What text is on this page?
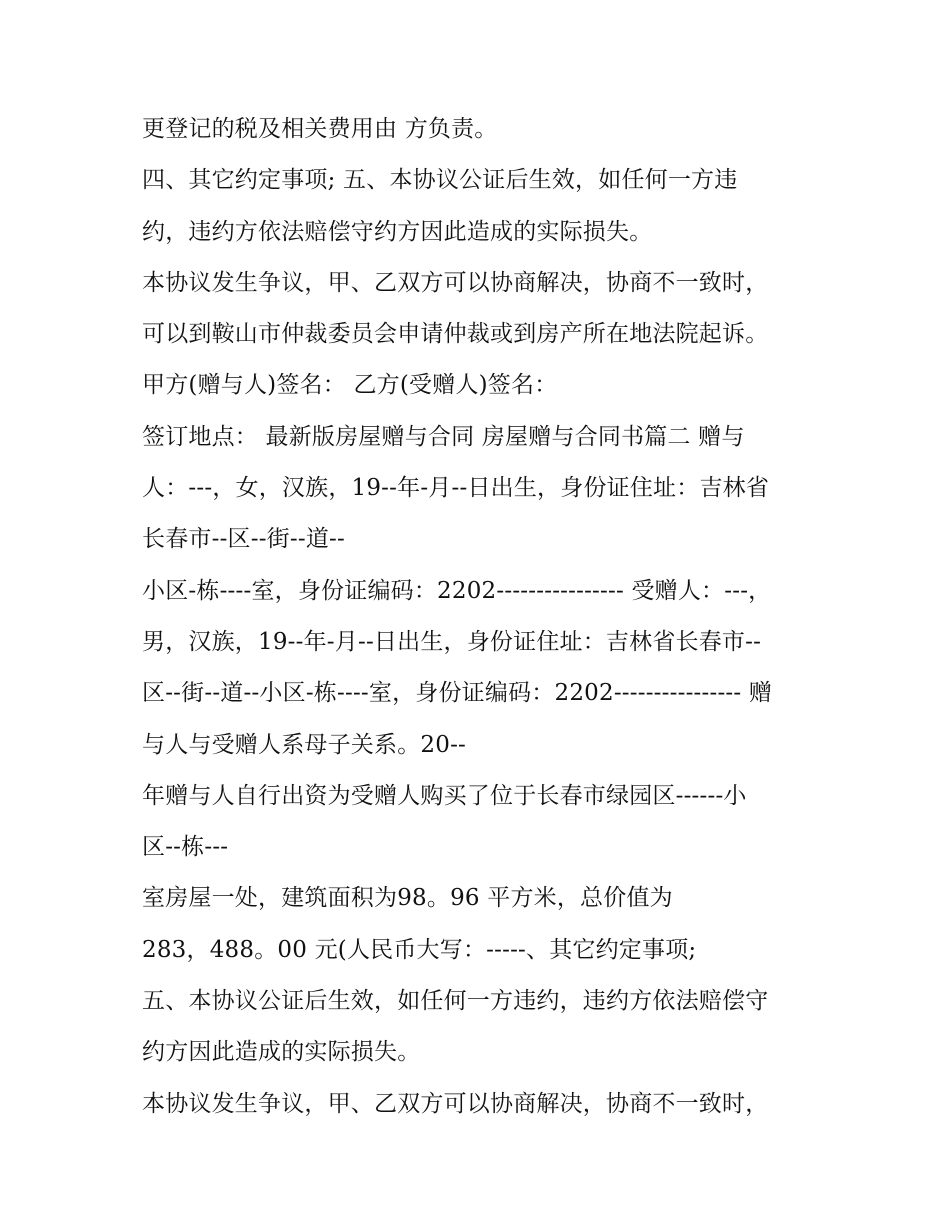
更登记的税及相关费用由 方负责。
四、其它约定事项; 五、本协议公证后生效，如任何一方违
约，违约方依法赔偿守约方因此造成的实际损失。
本协议发生争议，甲、乙双方可以协商解决，协商不一致时，
可以到鞍山市仲裁委员会申请仲裁或到房产所在地法院起诉。
甲方(赠与人)签名： 乙方(受赠人)签名：
签订地点： 最新版房屋赠与合同 房屋赠与合同书篇二 赠与
人：---，女，汉族，19--年-月--日出生，身份证住址：吉林省
长春市--区--街--道--
小区-栋----室，身份证编码：2202---------------- 受赠人：---，
男，汉族，19--年-月--日出生，身份证住址：吉林省长春市--
区--街--道--小区-栋----室，身份证编码：2202---------------- 赠
与人与受赠人系母子关系。20--
年赠与人自行出资为受赠人购买了位于长春市绿园区------小
区--栋---
室房屋一处，建筑面积为98。96 平方米，总价值为
283，488。00 元(人民币大写：-----、其它约定事项;
五、本协议公证后生效，如任何一方违约，违约方依法赔偿守
约方因此造成的实际损失。
本协议发生争议，甲、乙双方可以协商解决，协商不一致时，
